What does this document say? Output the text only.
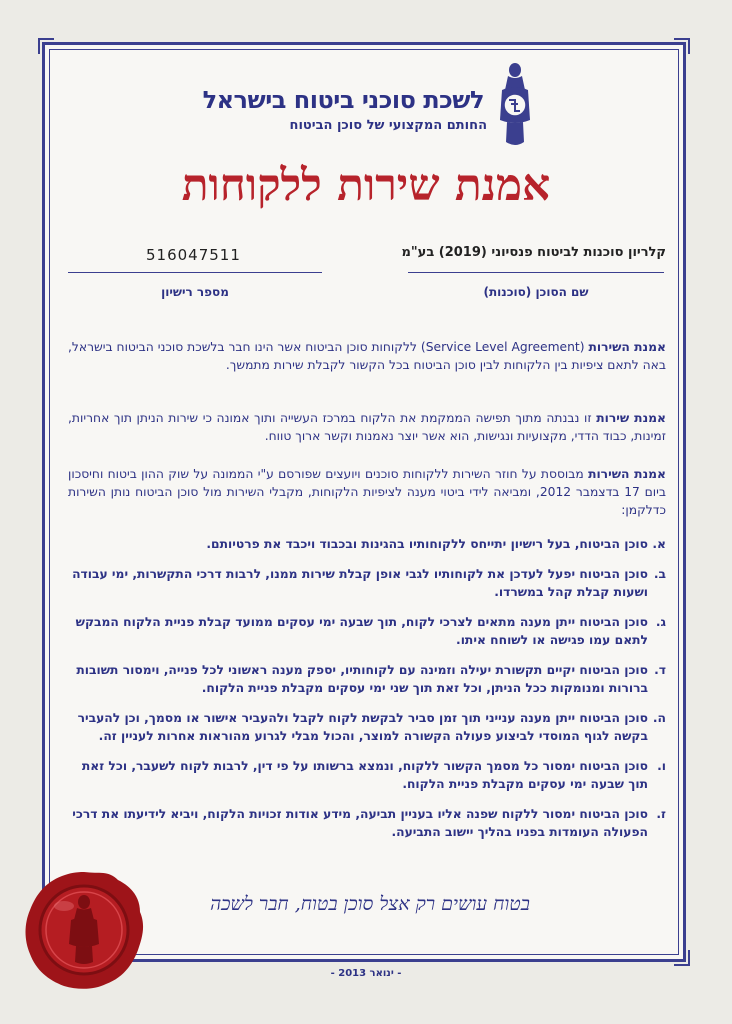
לשכת סוכני ביטוח בישראל
החותם המקצועי של סוכן הביטוח
אמנת שירות ללקוחות
קלריון סוכנות לביטוח פנסיוני (2019) בע"מ
516047511
שם הסוכן (סוכנות)
מספר רישיון
אמנת השירות (Service Level Agreement) ללקוחות סוכן הביטוח אשר הינו חבר בלשכת סוכני הביטוח בישראל, באה לתאם ציפיות בין הלקוחות לבין סוכן הביטוח בכל הקשור לקבלת שירות מתמשך.
אמנת שירות זו נבנתה מתוך תפישה הממקמת את הלקוח במרכז העשייה ותוך אמונה כי שירות הניתן תוך אחריות, זמינות, כבוד הדדי, מקצועיות ונגישות, הוא אשר יוצר נאמנות וקשר ארוך טווח.
אמנת השירות מבוססת על חוזר השירות ללקוחות סוכנים ויועצים שפורסם ע"י הממונה על שוק ההון ביטוח וחיסכון ביום 17 בדצמבר 2012, ומביאה לידי ביטוי מענה לציפיות הלקוחות, מקבלי השירות מול סוכן הביטוח נותן השירות כדלקמן:
א.
סוכן הביטוח, בעל רישיון יתייחס ללקוחותיו בהגינות ובכבוד ויכבד את פרטיותם.
ב.
סוכן הביטוח יפעל לעדכן את לקוחותיו לגבי אופן קבלת שירות ממנו, לרבות דרכי התקשרות, ימי עבודה ושעות קבלת קהל במשרדו.
ג.
סוכן הביטוח ייתן מענה מתאים לצרכי לקוח, תוך שבעה ימי עסקים ממועד קבלת פניית הלקוח המבקש לתאם עמו פגישה או לשוחח איתו.
ד.
סוכן הביטוח יקיים תקשורת יעילה וזמינה עם לקוחותיו, יספק מענה ראשוני לכל פנייה, וימסור תשובות ברורות ומנומקות ככל הניתן, וכל זאת תוך שני ימי עסקים מקבלת פניית הלקוח.
ה.
סוכן הביטוח ייתן מענה ענייני תוך זמן סביר לבקשת לקוח לקבל ולהעביר אישור או מסמך, וכן להעביר בקשה לגוף המוסדי לביצוע פעולה הקשורה למוצר, והכול מבלי לגרוע מהוראות אחרות לעניין זה.
ו.
סוכן הביטוח ימסור כל מסמך הקשור ללקוח, ונמצא ברשותו על פי דין, לרבות לקוח לשעבר, וכל זאת תוך שבעה ימי עסקים מקבלת פניית הלקוח.
ז.
סוכן הביטוח ימסור ללקוח שפנה אליו בעניין תביעה, מידע אודות זכויות הלקוח, ויביא לידיעתו את דרכי הפעולה העומדות בפניו בהליך יישוב התביעה.
בטוח עושים רק אצל סוכן בטוח, חבר לשכה
- ינואר 2013 -
